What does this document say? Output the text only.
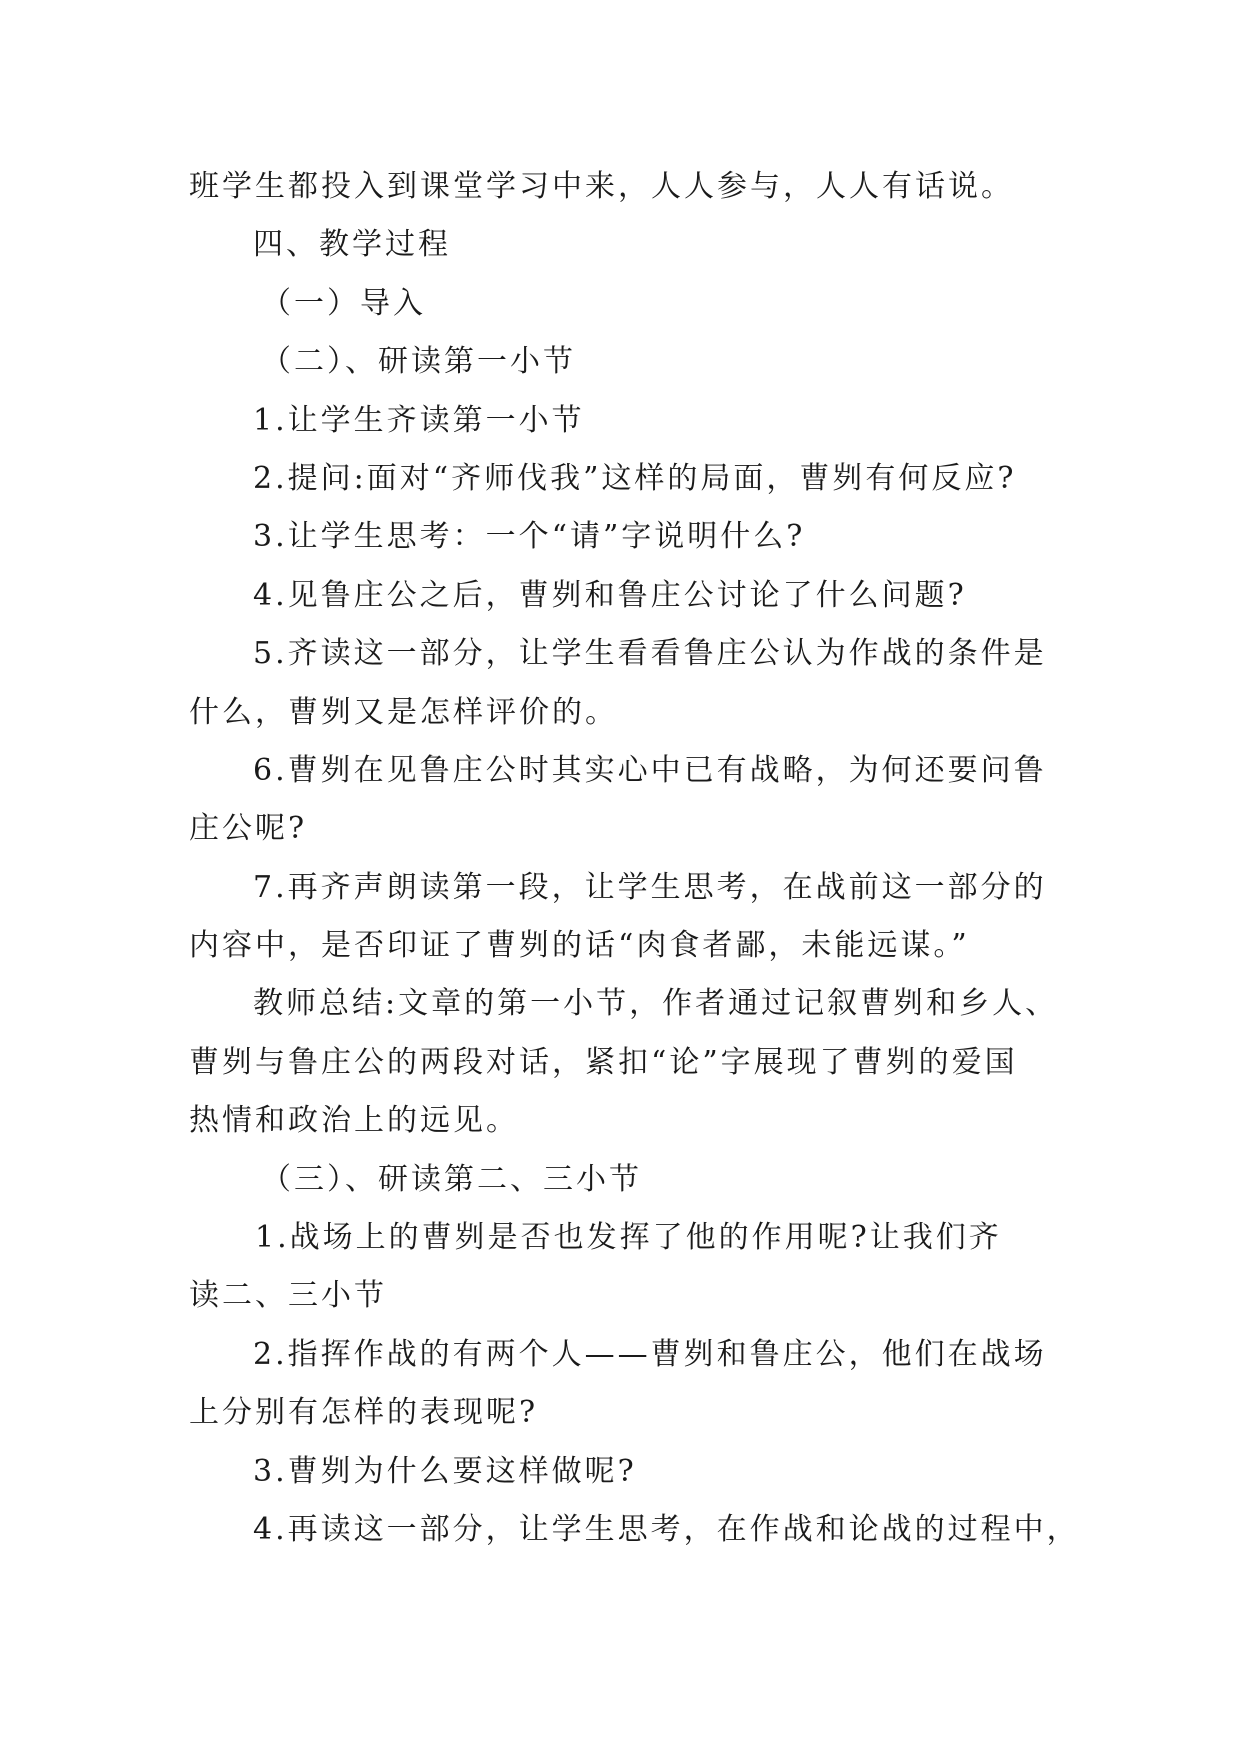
班学生都投入到课堂学习中来，人人参与，人人有话说。
四、教学过程
（一）导入
（二）、研读第一小节
1.让学生齐读第一小节
2.提问:面对“齐师伐我”这样的局面，曹刿有何反应?
3.让学生思考：一个“请”字说明什么?
4.见鲁庄公之后，曹刿和鲁庄公讨论了什么问题?
5.齐读这一部分，让学生看看鲁庄公认为作战的条件是
什么，曹刿又是怎样评价的。
6.曹刿在见鲁庄公时其实心中已有战略，为何还要问鲁
庄公呢?
7.再齐声朗读第一段，让学生思考，在战前这一部分的
内容中，是否印证了曹刿的话“肉食者鄙，未能远谋。”
教师总结:文章的第一小节，作者通过记叙曹刿和乡人、
曹刿与鲁庄公的两段对话，紧扣“论”字展现了曹刿的爱国
热情和政治上的远见。
（三）、研读第二、三小节
1.战场上的曹刿是否也发挥了他的作用呢?让我们齐
读二、三小节
2.指挥作战的有两个人——曹刿和鲁庄公，他们在战场
上分别有怎样的表现呢?
3.曹刿为什么要这样做呢?
4.再读这一部分，让学生思考，在作战和论战的过程中，
